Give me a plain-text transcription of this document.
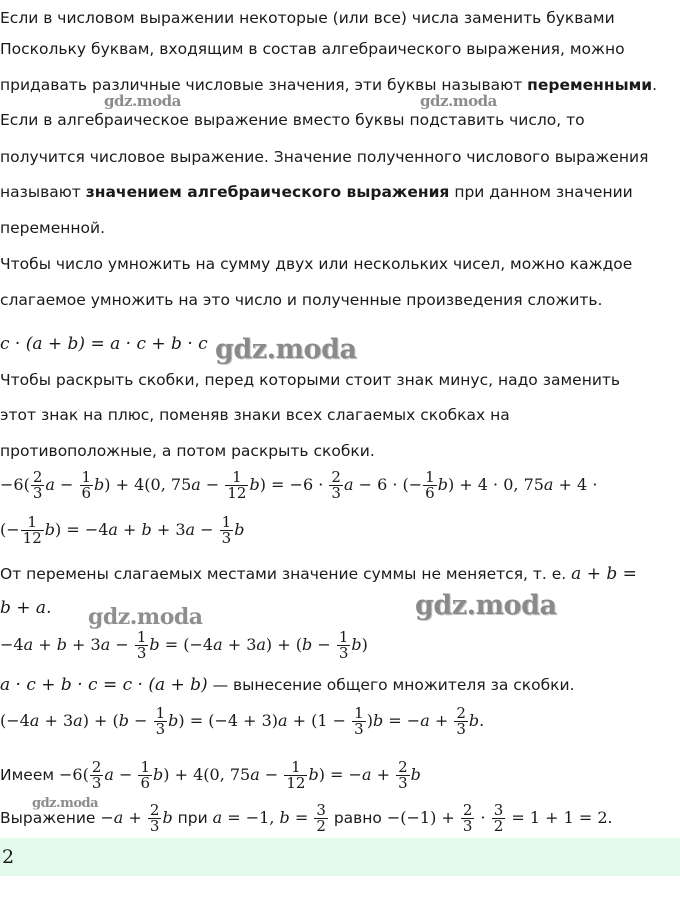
Если в числовом выражении некоторые (или все) числа заменить буквами
Поскольку буквам, входящим в состав алгебраического выражения, можно
придавать различные числовые значения, эти буквы называют переменными.
Если в алгебраическое выражение вместо буквы подставить число, то
получится числовое выражение. Значение полученного числового выражения
называют значением алгебраического выражения при данном значении
переменной.
Чтобы число умножить на сумму двух или нескольких чисел, можно каждое
слагаемое умножить на это число и полученные произведения сложить.
c · (a + b) = a · c + b · c
Чтобы раскрыть скобки, перед которыми стоит знак минус, надо заменить
этот знак на плюс, поменяв знаки всех слагаемых скобках на
противоположные, а потом раскрыть скобки.
$-6( \frac{2}{3}$ $a - \frac{1}{6} b) + 4(0$, $75a - \frac{1}{12} b) = -6 \cdot \frac{2}{3}$ a − 6 · (− $\frac{1}{6} b) + 4 \cdot 0$, 75a + 4 ·
(− $\frac{1}{12} b) = -4a + b + 3a - \frac{1}{3}$ b
От перемены слагаемых местами значение суммы не меняется, т. е. a + b =
b + a.
$-4a + b + 3a - \frac{1}{3}$ $b = (-4a + 3a) + (b - \frac{1}{3} b)$
a · c + b · c = c · (a + b) — вынесение общего множителя за скобки.
$(-4a + 3a) + (b - \frac{1}{3} b) = (-4 + 3)a + (1 - \frac{1}{3} )b = -a + \frac{2}{3} b$.
Имеем $-6( \frac{2}{3}$ $a - \frac{1}{6} b) + 4(0$, $75a - \frac{1}{12} b) = -a + \frac{2}{3}$ b
Выражение $-a + \frac{2}{3}$ b при a = −1, $b = \frac{3}{2}$ равно $-(-1) + \frac{2}{3} \cdot \frac{3}{2} = 1 + 1 = 2$.
2
gdz.moda	gdz.moda
gdz.moda
gdz.moda	gdz.moda
gdz.moda
